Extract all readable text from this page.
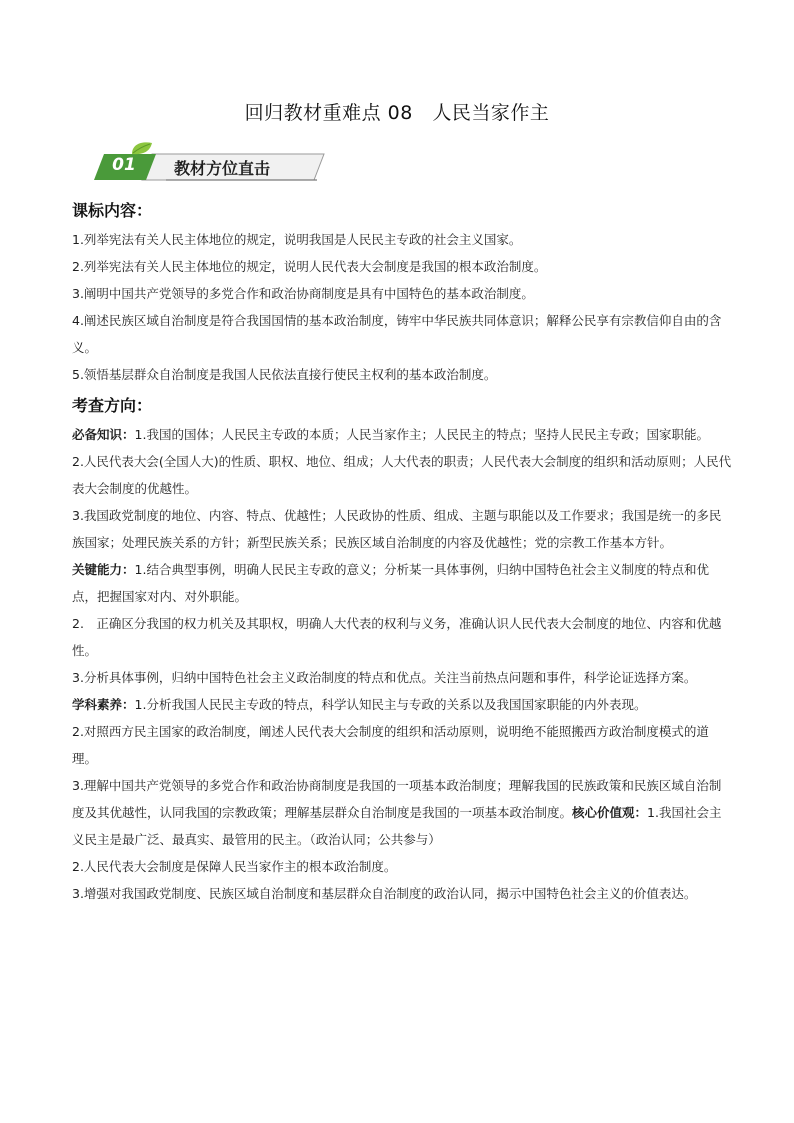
回归教材重难点 08　人民当家作主
01	教材方位直击
课标内容：

1.列举宪法有关人民主体地位的规定，说明我国是人民民主专政的社会主义国家。

2.列举宪法有关人民主体地位的规定，说明人民代表大会制度是我国的根本政治制度。

3.阐明中国共产党领导的多党合作和政治协商制度是具有中国特色的基本政治制度。

4.阐述民族区域自治制度是符合我国国情的基本政治制度，铸牢中华民族共同体意识；解释公民享有宗教信仰自由的含义。

5.领悟基层群众自治制度是我国人民依法直接行使民主权利的基本政治制度。

考查方向：

必备知识：1.我国的国体；人民民主专政的本质；人民当家作主；人民民主的特点；坚持人民民主专政；国家职能。

2.人民代表大会(全国人大)的性质、职权、地位、组成；人大代表的职责；人民代表大会制度的组织和活动原则；人民代表大会制度的优越性。

3.我国政党制度的地位、内容、特点、优越性；人民政协的性质、组成、主题与职能以及工作要求；我国是统一的多民族国家；处理民族关系的方针；新型民族关系；民族区域自治制度的内容及优越性；党的宗教工作基本方针。

关键能力：1.结合典型事例，明确人民民主专政的意义；分析某一具体事例，归纳中国特色社会主义制度的特点和优点，把握国家对内、对外职能。

2.　正确区分我国的权力机关及其职权，明确人大代表的权利与义务，准确认识人民代表大会制度的地位、内容和优越性。

3.分析具体事例，归纳中国特色社会主义政治制度的特点和优点。关注当前热点问题和事件，科学论证选择方案。

学科素养：1.分析我国人民民主专政的特点，科学认知民主与专政的关系以及我国国家职能的内外表现。

2.对照西方民主国家的政治制度，阐述人民代表大会制度的组织和活动原则，说明绝不能照搬西方政治制度模式的道理。

3.理解中国共产党领导的多党合作和政治协商制度是我国的一项基本政治制度；理解我国的民族政策和民族区域自治制度及其优越性，认同我国的宗教政策；理解基层群众自治制度是我国的一项基本政治制度。核心价值观：1.我国社会主义民主是最广泛、最真实、最管用的民主。（政治认同；公共参与）

2.人民代表大会制度是保障人民当家作主的根本政治制度。

3.增强对我国政党制度、民族区域自治制度和基层群众自治制度的政治认同，揭示中国特色社会主义的价值表达。
